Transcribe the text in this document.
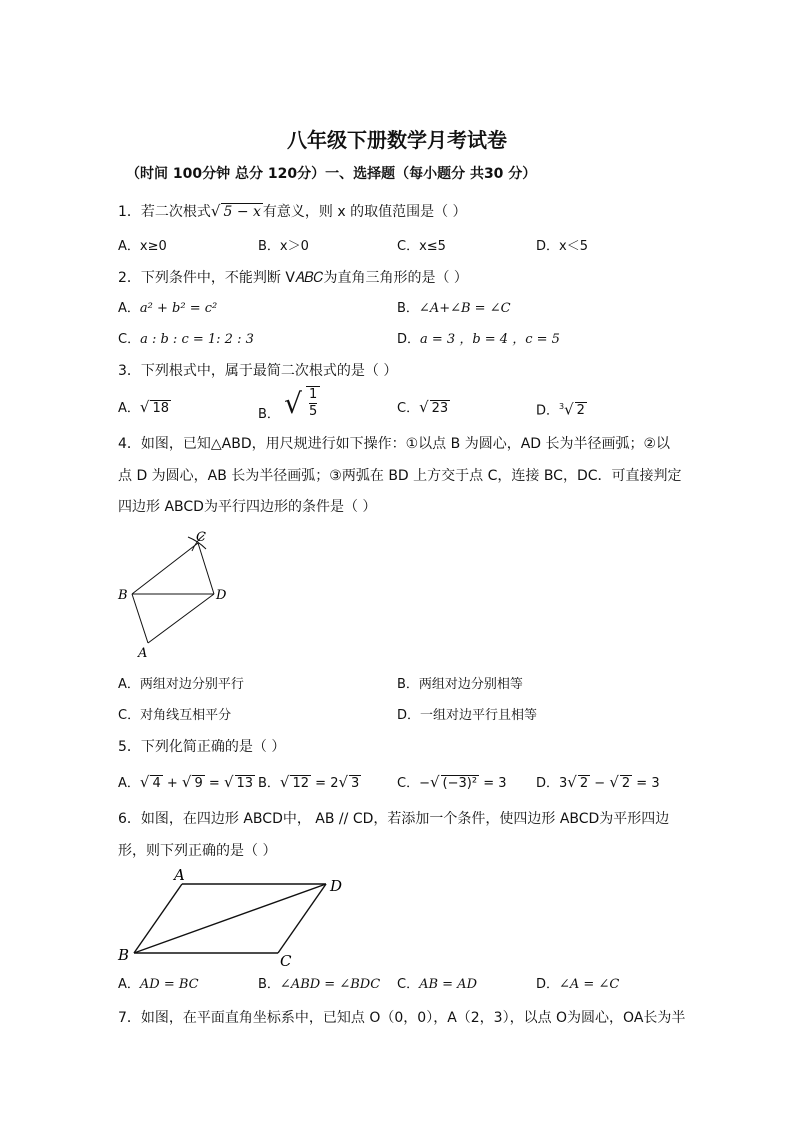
八年级下册数学月考试卷
（时间 100分钟 总分 120分）一、选择题（每小题分 共30 分）
1．若二次根式√ 5 − x 有意义，则 x 的取值范围是（ ）
A．x≥0	B．x＞0	C．x≤5	D．x＜5
2．下列条件中，不能判断 V𝐴𝐵𝐶为直角三角形的是（ ）
A．a² + b² = c²	B．∠A+∠B = ∠C
C．a : b : c = 1: 2 : 3	D．a = 3 ，b = 4 ，c = 5
3．下列根式中，属于最简二次根式的是（ ）
A．√ 18	B． √ $\frac{1}{5}$	C．√ 23	D．$^3$√ 2
4．如图，已知△ABD，用尺规进行如下操作：①以点 B 为圆心，AD 长为半径画弧；②以
点 D 为圆心，AB 长为半径画弧；③两弧在 BD 上方交于点 C，连接 BC，DC．可直接判定
四边形 ABCD为平行四边形的条件是（ ）
C
B	D
A
A．两组对边分别平行	B．两组对边分别相等
C．对角线互相平分	D．一组对边平行且相等
5．下列化简正确的是（ ）
A．√ 4 + √ 9 = √ 13 B．√ 12 = 2√ 3	C．−√ (−3)² = 3 D．3√ 2 − √ 2 = 3
6．如图，在四边形 ABCD中， AB // CD，若添加一个条件，使四边形 ABCD为平形四边
形，则下列正确的是（ ）
A
D
B	C
A．AD = BC	B．∠ABD = ∠BDC C．AB = AD	D．∠A = ∠C
7．如图，在平面直角坐标系中，已知点 O（0，0），A（2，3），以点 O为圆心，OA长为半
